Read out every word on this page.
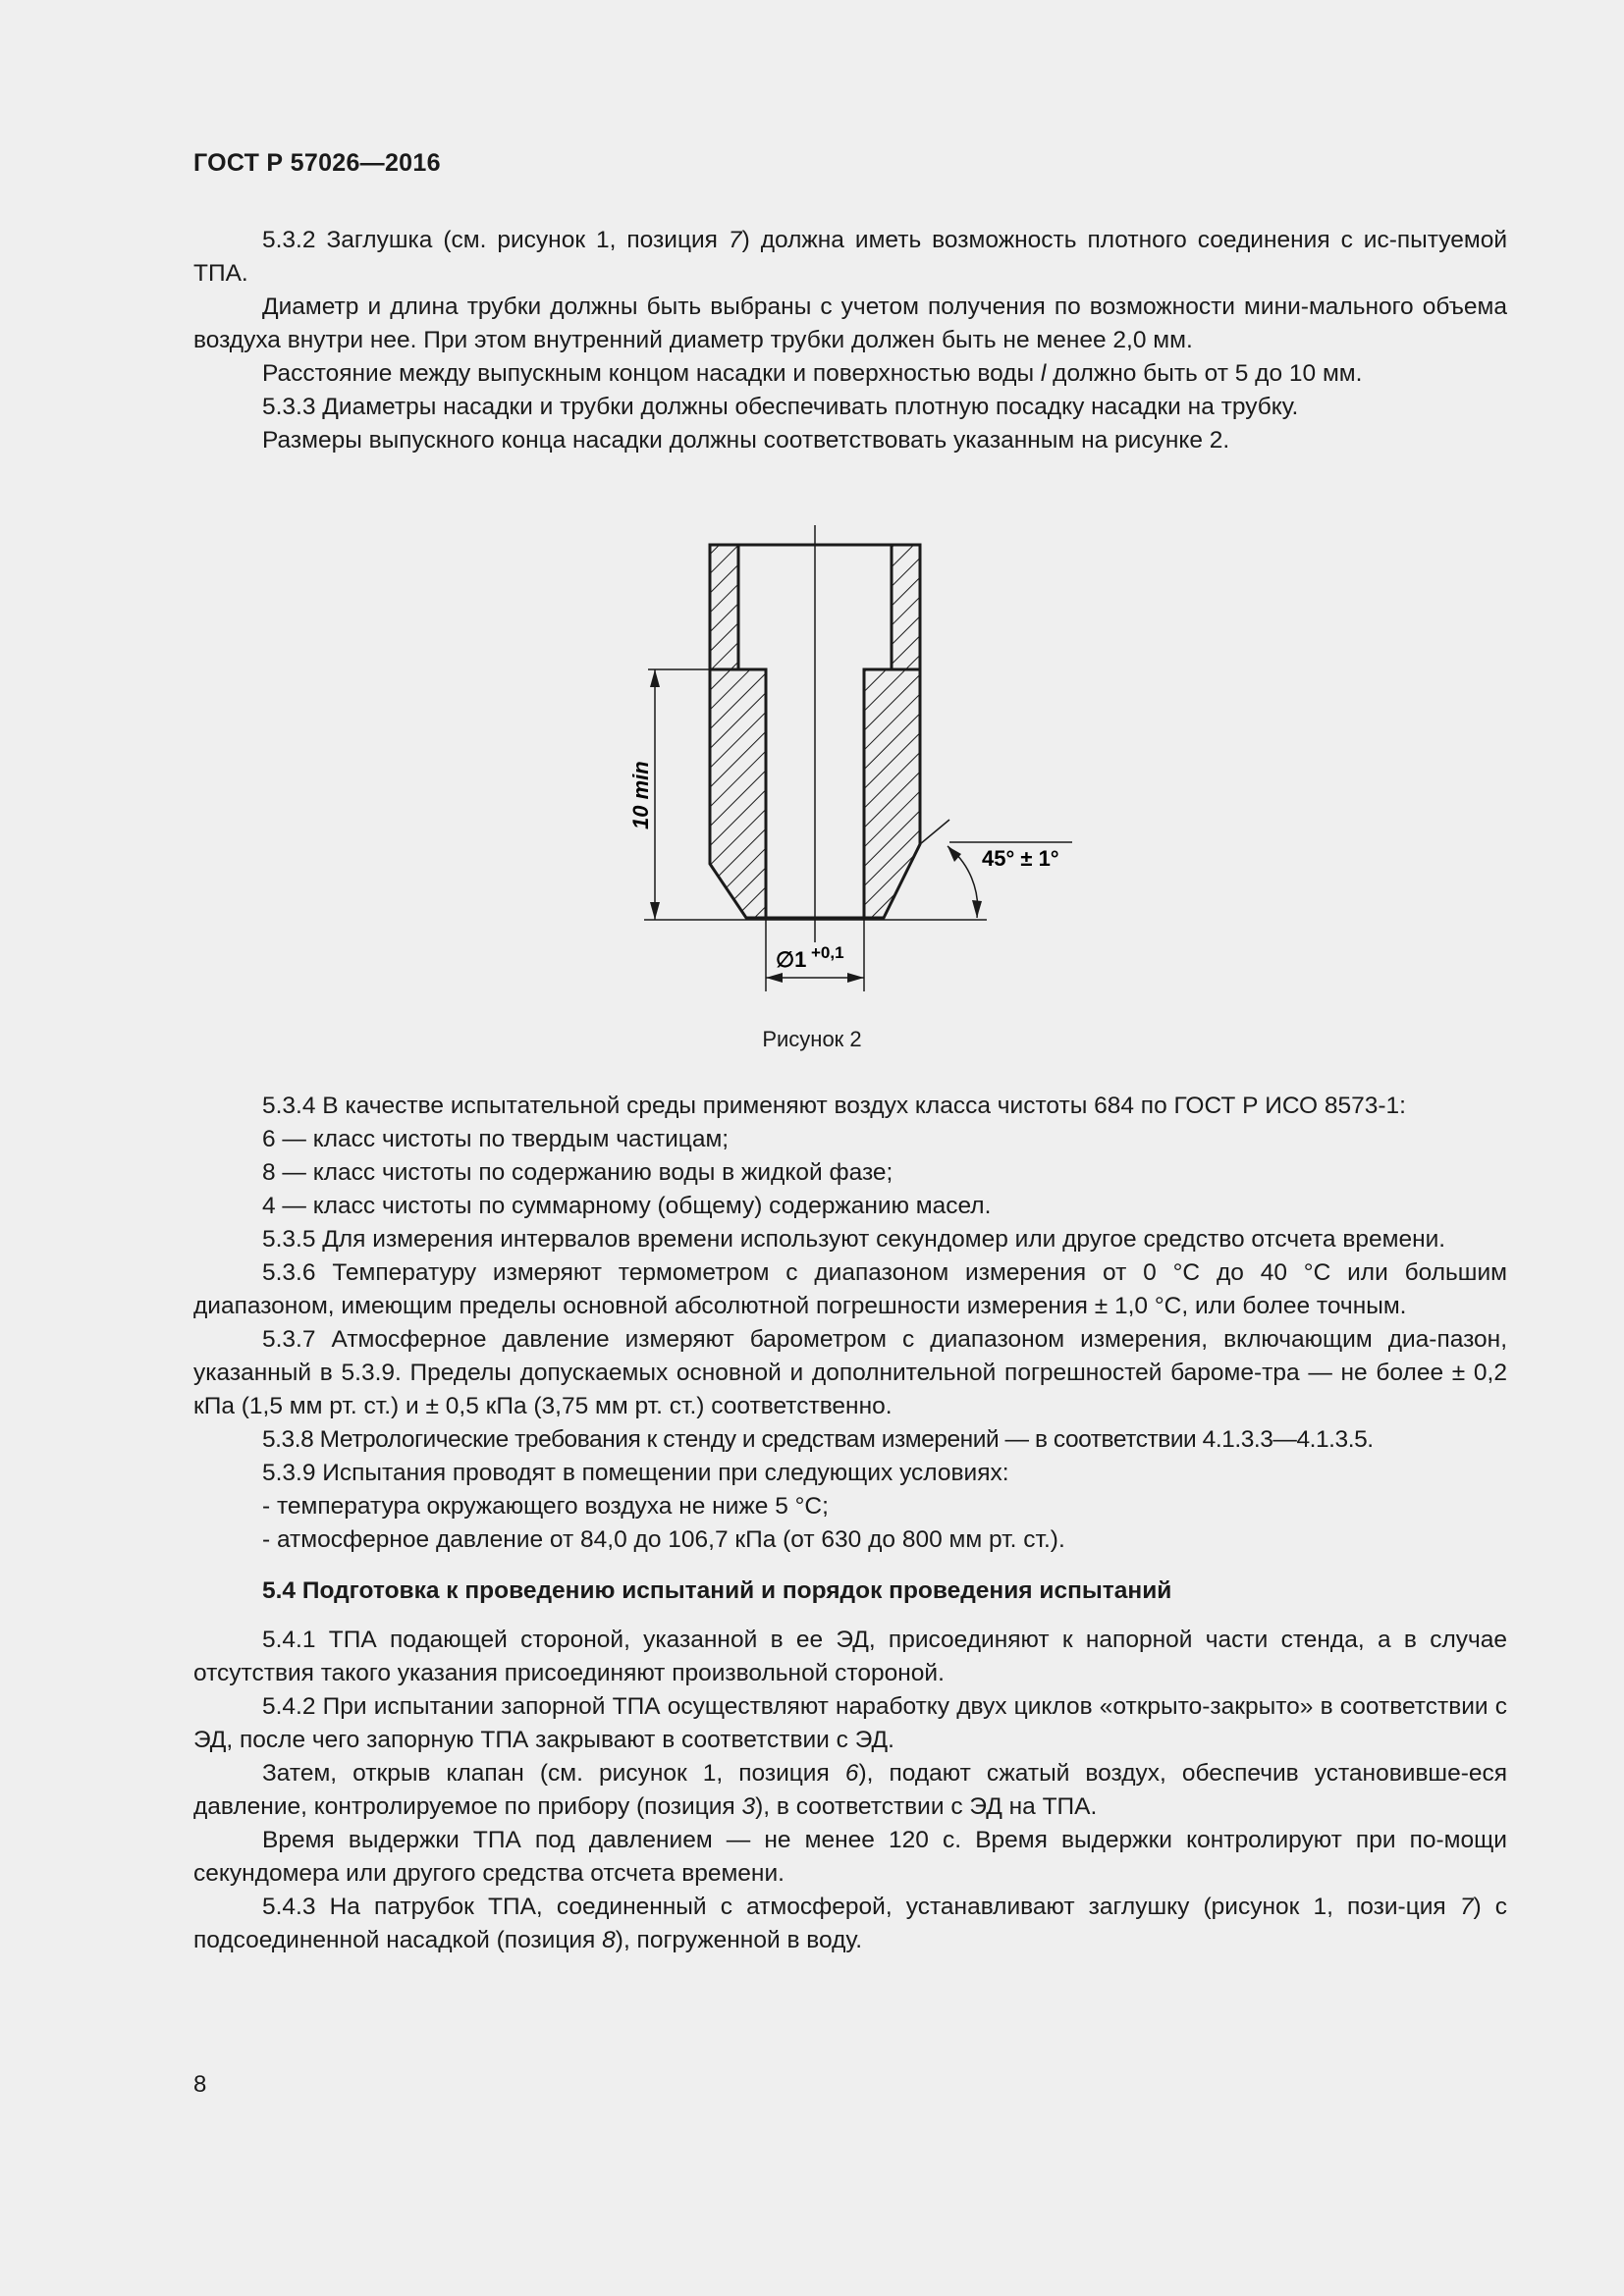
ГОСТ Р 57026—2016

5.3.2 Заглушка (см. рисунок 1, позиция 7) должна иметь возможность плотного соединения с ис-пытуемой ТПА.

Диаметр и длина трубки должны быть выбраны с учетом получения по возможности мини-мального объема воздуха внутри нее. При этом внутренний диаметр трубки должен быть не менее 2,0 мм.

Расстояние между выпускным концом насадки и поверхностью воды l должно быть от 5 до 10 мм.

5.3.3 Диаметры насадки и трубки должны обеспечивать плотную посадку насадки на трубку.

Размеры выпускного конца насадки должны соответствовать указанным на рисунке 2.

10 min
45° ± 1°
∅1 +0,1
Рисунок 2

5.3.4 В качестве испытательной среды применяют воздух класса чистоты 684 по ГОСТ Р ИСО 8573-1:

6 — класс чистоты по твердым частицам;

8 — класс чистоты по содержанию воды в жидкой фазе;

4 — класс чистоты по суммарному (общему) содержанию масел.

5.3.5 Для измерения интервалов времени используют секундомер или другое средство отсчета времени.

5.3.6 Температуру измеряют термометром с диапазоном измерения от 0 °С до 40 °С или большим диапазоном, имеющим пределы основной абсолютной погрешности измерения ± 1,0 °С, или более точным.

5.3.7 Атмосферное давление измеряют барометром с диапазоном измерения, включающим диа-пазон, указанный в 5.3.9. Пределы допускаемых основной и дополнительной погрешностей бароме-тра — не более ± 0,2 кПа (1,5 мм рт. ст.) и ± 0,5 кПа (3,75 мм рт. ст.) соответственно.

5.3.8 Метрологические требования к стенду и средствам измерений — в соответствии 4.1.3.3—4.1.3.5.

5.3.9 Испытания проводят в помещении при следующих условиях:

- температура окружающего воздуха не ниже 5 °С;

- атмосферное давление от 84,0 до 106,7 кПа (от 630 до 800 мм рт. ст.).

5.4 Подготовка к проведению испытаний и порядок проведения испытаний

5.4.1 ТПА подающей стороной, указанной в ее ЭД, присоединяют к напорной части стенда, а в случае отсутствия такого указания присоединяют произвольной стороной.

5.4.2 При испытании запорной ТПА осуществляют наработку двух циклов «открыто-закрыто» в соответствии с ЭД, после чего запорную ТПА закрывают в соответствии с ЭД.

Затем, открыв клапан (см. рисунок 1, позиция 6), подают сжатый воздух, обеспечив установивше-еся давление, контролируемое по прибору (позиция 3), в соответствии с ЭД на ТПА.

Время выдержки ТПА под давлением — не менее 120 с. Время выдержки контролируют при по-мощи секундомера или другого средства отсчета времени.

5.4.3 На патрубок ТПА, соединенный с атмосферой, устанавливают заглушку (рисунок 1, пози-ция 7) с подсоединенной насадкой (позиция 8), погруженной в воду.

8
